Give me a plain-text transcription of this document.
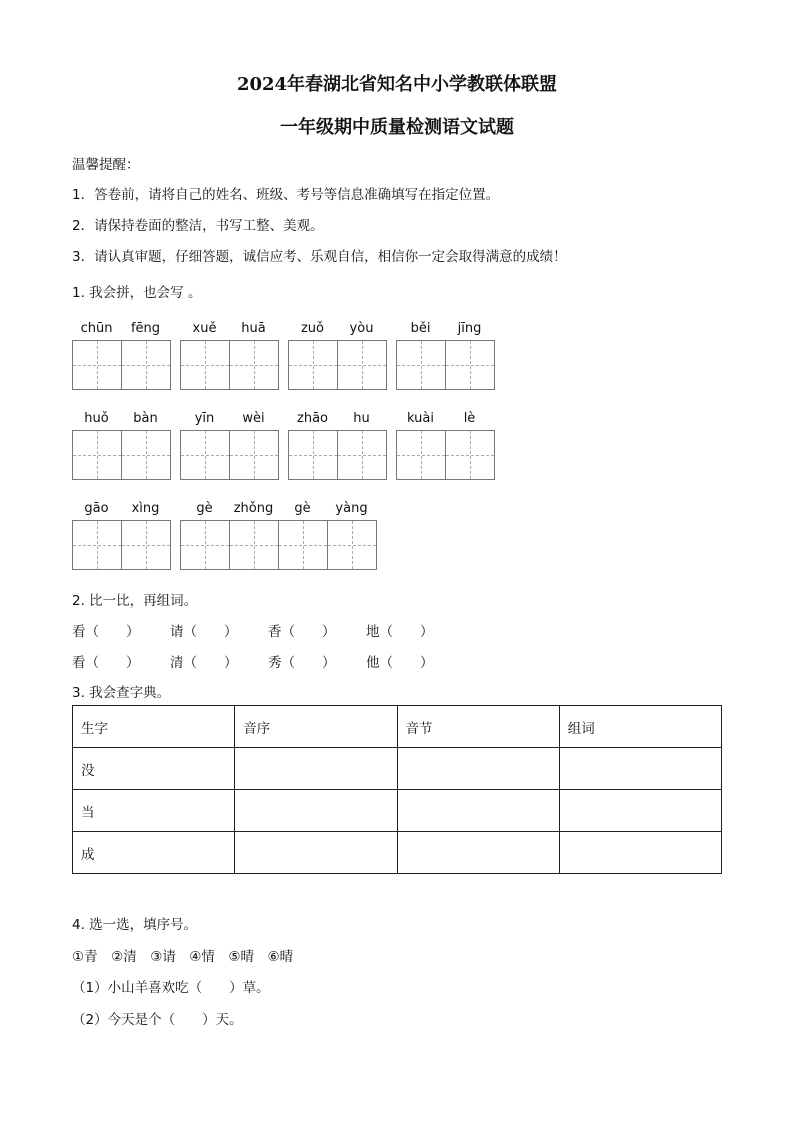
2024年春湖北省知名中小学教联体联盟
一年级期中质量检测语文试题
温馨提醒：
1．答卷前，请将自己的姓名、班级、考号等信息准确填写在指定位置。
2．请保持卷面的整洁，书写工整、美观。
3．请认真审题，仔细答题，诚信应考、乐观自信，相信你一定会取得满意的成绩！
1. 我会拼，也会写 。
chūn	fēng	xuě	huā	zuǒ	yòu	běi	jīng
huǒ	bàn	yīn	wèi	zhāo	hu	kuài	lè
gāo	xìng	gè	zhǒng	gè	yàng
2. 比一比，再组词。
看（　　） 请（　　） 香（　　） 地（　　）
看（　　） 清（　　） 秀（　　） 他（　　）
3. 我会查字典。
生字	音序	音节	组词
没			
当			
成			
4. 选一选，填序号。
①青　②清　③请　④情　⑤晴　⑥晴
（1）小山羊喜欢吃（　　）草。
（2）今天是个（　　）天。
